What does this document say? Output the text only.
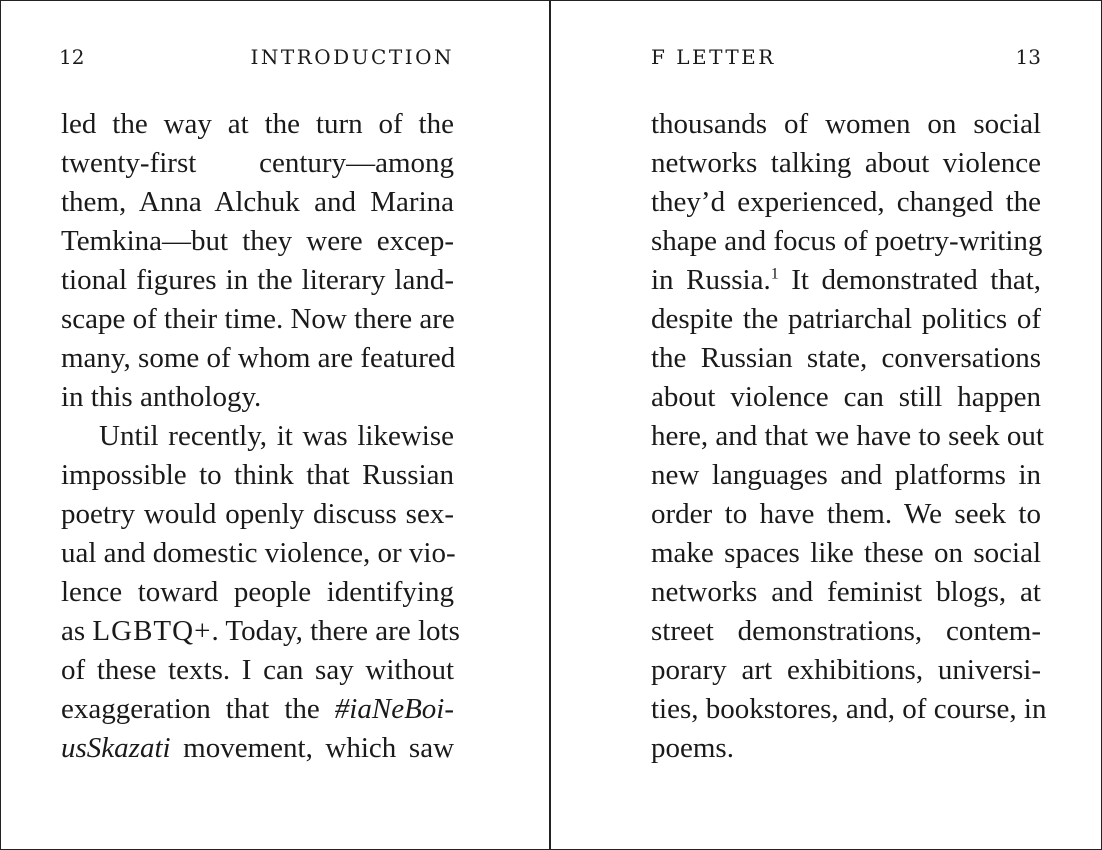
12	INTRODUCTION
led the way at the turn of the
twenty-first century—among
them, Anna Alchuk and Marina
Temkina—but they were excep-
tional figures in the literary land-
scape of their time. Now there are
many, some of whom are featured
in this anthology.
Until recently, it was likewise
impossible to think that Russian
poetry would openly discuss sex-
ual and domestic violence, or vio-
lence toward people identifying
as LGBTQ+. Today, there are lots
of these texts. I can say without
exaggeration that the #iaNeBoi-
usSkazati movement, which saw
F LETTER	13
thousands of women on social
networks talking about violence
they’d experienced, changed the
shape and focus of poetry-writing
in Russia.$^1$ It demonstrated that,
despite the patriarchal politics of
the Russian state, conversations
about violence can still happen
here, and that we have to seek out
new languages and platforms in
order to have them. We seek to
make spaces like these on social
networks and feminist blogs, at
street demonstrations, contem-
porary art exhibitions, universi-
ties, bookstores, and, of course, in
poems.
